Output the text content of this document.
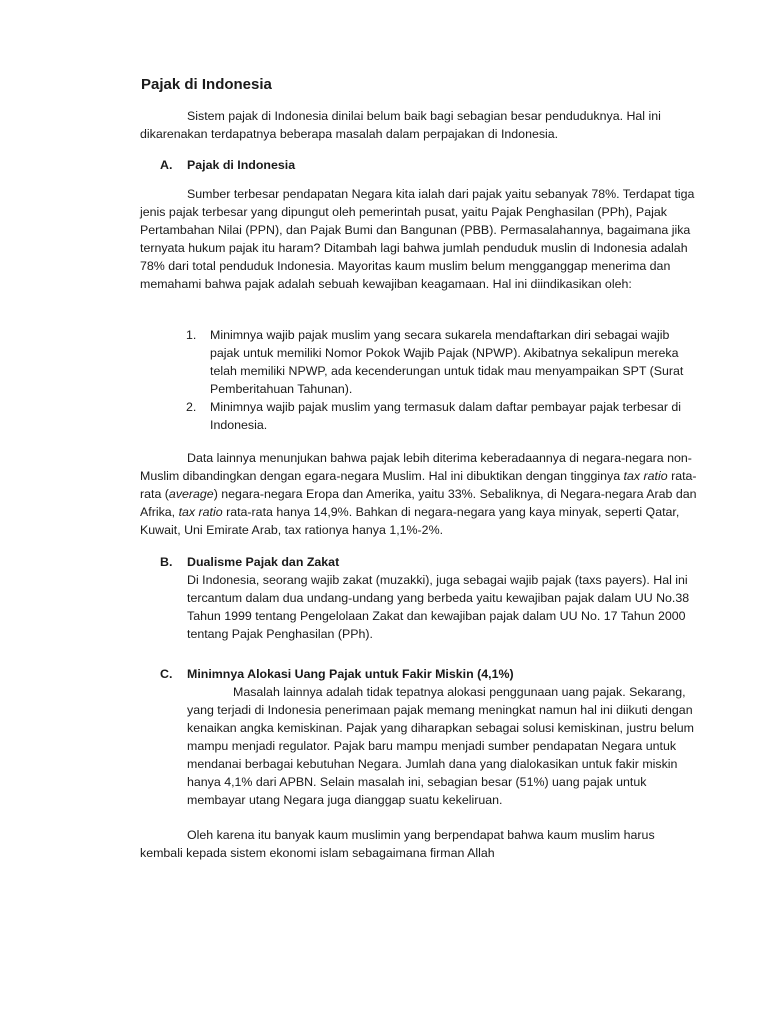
Pajak di Indonesia

Sistem pajak di Indonesia dinilai belum baik bagi sebagian besar penduduknya. Hal ini dikarenakan terdapatnya beberapa masalah dalam perpajakan di Indonesia.

A. Pajak di Indonesia

Sumber terbesar pendapatan Negara kita ialah dari pajak yaitu sebanyak 78%. Terdapat tiga jenis pajak terbesar yang dipungut oleh pemerintah pusat, yaitu Pajak Penghasilan (PPh), Pajak Pertambahan Nilai (PPN), dan Pajak Bumi dan Bangunan (PBB). Permasalahannya, bagaimana jika ternyata hukum pajak itu haram? Ditambah lagi bahwa jumlah penduduk muslin di Indonesia adalah 78% dari total penduduk Indonesia. Mayoritas kaum muslim belum mengganggap menerima dan memahami bahwa pajak adalah sebuah kewajiban keagamaan. Hal ini diindikasikan oleh:

1. Minimnya wajib pajak muslim yang secara sukarela mendaftarkan diri sebagai wajib pajak untuk memiliki Nomor Pokok Wajib Pajak (NPWP). Akibatnya sekalipun mereka telah memiliki NPWP, ada kecenderungan untuk tidak mau menyampaikan SPT (Surat Pemberitahuan Tahunan).
2. Minimnya wajib pajak muslim yang termasuk dalam daftar pembayar pajak terbesar di Indonesia.

Data lainnya menunjukan bahwa pajak lebih diterima keberadaannya di negara-negara non-Muslim dibandingkan dengan egara-negara Muslim. Hal ini dibuktikan dengan tingginya tax ratio rata-rata (average) negara-negara Eropa dan Amerika, yaitu 33%. Sebaliknya, di Negara-negara Arab dan Afrika, tax ratio rata-rata hanya 14,9%. Bahkan di negara-negara yang kaya minyak, seperti Qatar, Kuwait, Uni Emirate Arab, tax rationya hanya 1,1%-2%.

B. Dualisme Pajak dan Zakat

Di Indonesia, seorang wajib zakat (muzakki), juga sebagai wajib pajak (taxs payers). Hal ini tercantum dalam dua undang-undang yang berbeda yaitu kewajiban pajak dalam UU No.38 Tahun 1999 tentang Pengelolaan Zakat dan kewajiban pajak dalam UU No. 17 Tahun 2000 tentang Pajak Penghasilan (PPh).

C. Minimnya Alokasi Uang Pajak untuk Fakir Miskin (4,1%)

Masalah lainnya adalah tidak tepatnya alokasi penggunaan uang pajak. Sekarang, yang terjadi di Indonesia penerimaan pajak memang meningkat namun hal ini diikuti dengan kenaikan angka kemiskinan. Pajak yang diharapkan sebagai solusi kemiskinan, justru belum mampu menjadi regulator. Pajak baru mampu menjadi sumber pendapatan Negara untuk mendanai berbagai kebutuhan Negara. Jumlah dana yang dialokasikan untuk fakir miskin hanya 4,1% dari APBN. Selain masalah ini, sebagian besar (51%) uang pajak untuk membayar utang Negara juga dianggap suatu kekeliruan.

Oleh karena itu banyak kaum muslimin yang berpendapat bahwa kaum muslim harus kembali kepada sistem ekonomi islam sebagaimana firman Allah
